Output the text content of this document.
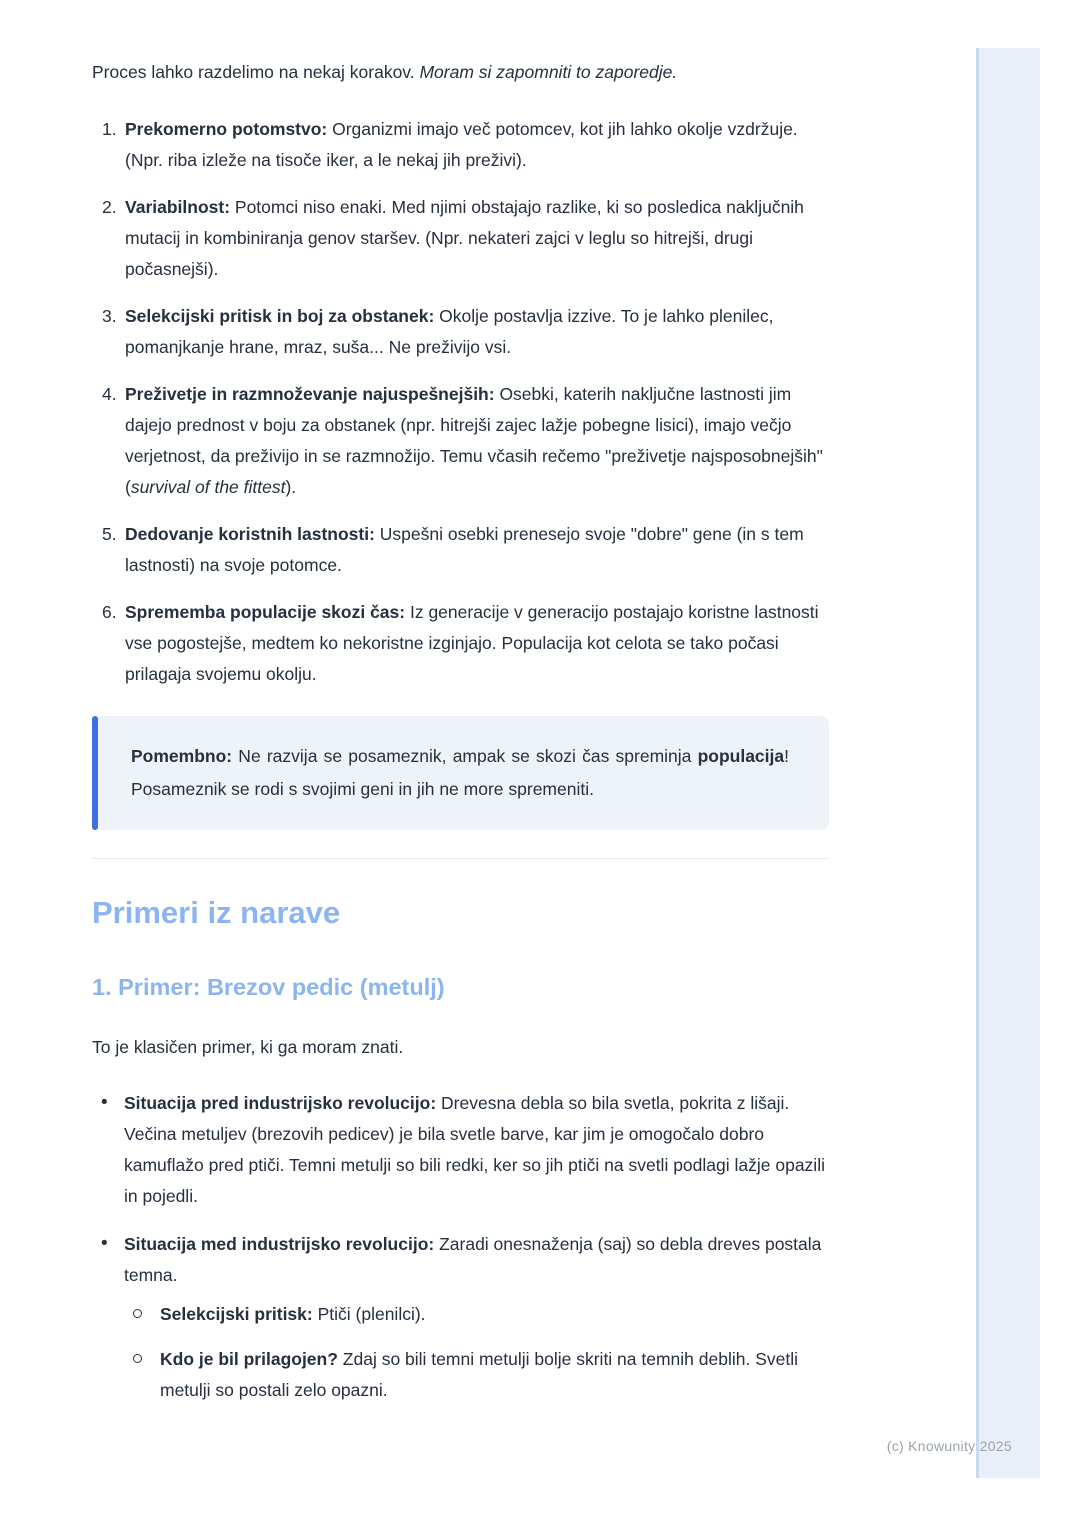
Proces lahko razdelimo na nekaj korakov. Moram si zapomniti to zaporedje.

1. Prekomerno potomstvo: Organizmi imajo več potomcev, kot jih lahko okolje vzdržuje. (Npr. riba izleže na tisoče iker, a le nekaj jih preživi).

2. Variabilnost: Potomci niso enaki. Med njimi obstajajo razlike, ki so posledica naključnih mutacij in kombiniranja genov staršev. (Npr. nekateri zajci v leglu so hitrejši, drugi počasnejši).

3. Selekcijski pritisk in boj za obstanek: Okolje postavlja izzive. To je lahko plenilec, pomanjkanje hrane, mraz, suša... Ne preživijo vsi.

4. Preživetje in razmnoževanje najuspešnejših: Osebki, katerih naključne lastnosti jim dajejo prednost v boju za obstanek (npr. hitrejši zajec lažje pobegne lisici), imajo večjo verjetnost, da preživijo in se razmnožijo. Temu včasih rečemo "preživetje najsposobnejših" (survival of the fittest).

5. Dedovanje koristnih lastnosti: Uspešni osebki prenesejo svoje "dobre" gene (in s tem lastnosti) na svoje potomce.

6. Sprememba populacije skozi čas: Iz generacije v generacijo postajajo koristne lastnosti vse pogostejše, medtem ko nekoristne izginjajo. Populacija kot celota se tako počasi prilagaja svojemu okolju.

Pomembno: Ne razvija se posameznik, ampak se skozi čas spreminja populacija! Posameznik se rodi s svojimi geni in jih ne more spremeniti.

Primeri iz narave
1. Primer: Brezov pedic (metulj)

To je klasičen primer, ki ga moram znati.

• Situacija pred industrijsko revolucijo: Drevesna debla so bila svetla, pokrita z lišaji. Večina metuljev (brezovih pedicev) je bila svetle barve, kar jim je omogočalo dobro kamuflažo pred ptiči. Temni metulji so bili redki, ker so jih ptiči na svetli podlagi lažje opazili in pojedli.

• Situacija med industrijsko revolucijo: Zaradi onesnaženja (saj) so debla dreves postala temna.

Selekcijski pritisk: Ptiči (plenilci).

Kdo je bil prilagojen? Zdaj so bili temni metulji bolje skriti na temnih deblih. Svetli metulji so postali zelo opazni.

(c) Knowunity 2025
